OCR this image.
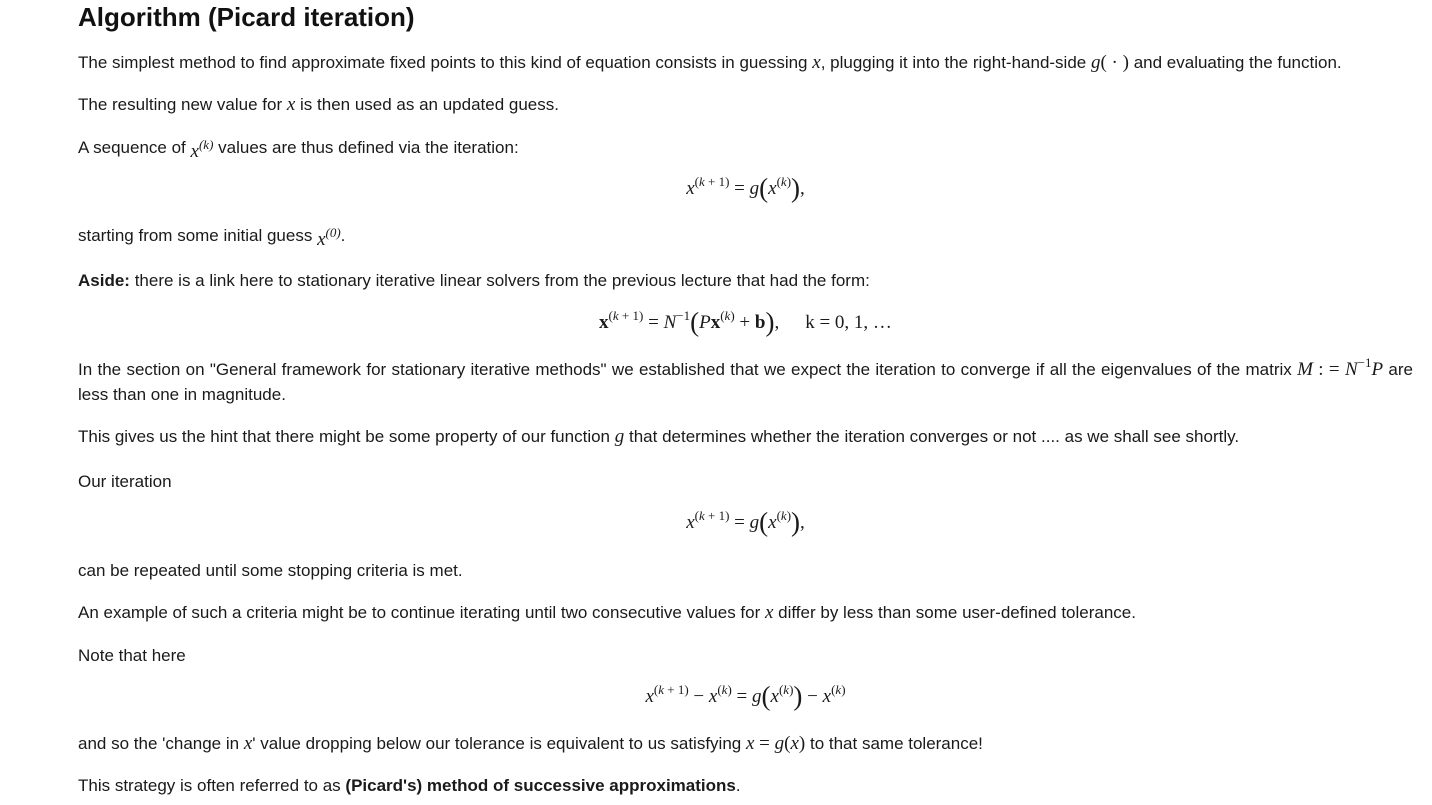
Algorithm (Picard iteration)

The simplest method to find approximate fixed points to this kind of equation consists in guessing x, plugging it into the right-hand-side g( · ) and evaluating the function.

The resulting new value for x is then used as an updated guess.

A sequence of $x^{(k)}$ values are thus defined via the iteration:

$x^{(k + 1)} = g(x^{(k)})$,

starting from some initial guess $x^{(0)}$.

Aside: there is a link here to stationary iterative linear solvers from the previous lecture that had the form:

$x^{(k + 1)} = N^{-1}(Px^{(k)} + b)$, k = 0, 1, …

In the section on "General framework for stationary iterative methods" we established that we expect the iteration to converge if all the eigenvalues of the matrix M : = $N^{-1}P$ are less than one in magnitude.

This gives us the hint that there might be some property of our function g that determines whether the iteration converges or not .... as we shall see shortly.

Our iteration

$x^{(k + 1)} = g(x^{(k)})$,

can be repeated until some stopping criteria is met.

An example of such a criteria might be to continue iterating until two consecutive values for x differ by less than some user-defined tolerance.

Note that here

$x^{(k + 1)} - x^{(k)} = g(x^{(k)}) - x^{(k)}$

and so the 'change in x' value dropping below our tolerance is equivalent to us satisfying x = g(x) to that same tolerance!

This strategy is often referred to as (Picard's) method of successive approximations.
